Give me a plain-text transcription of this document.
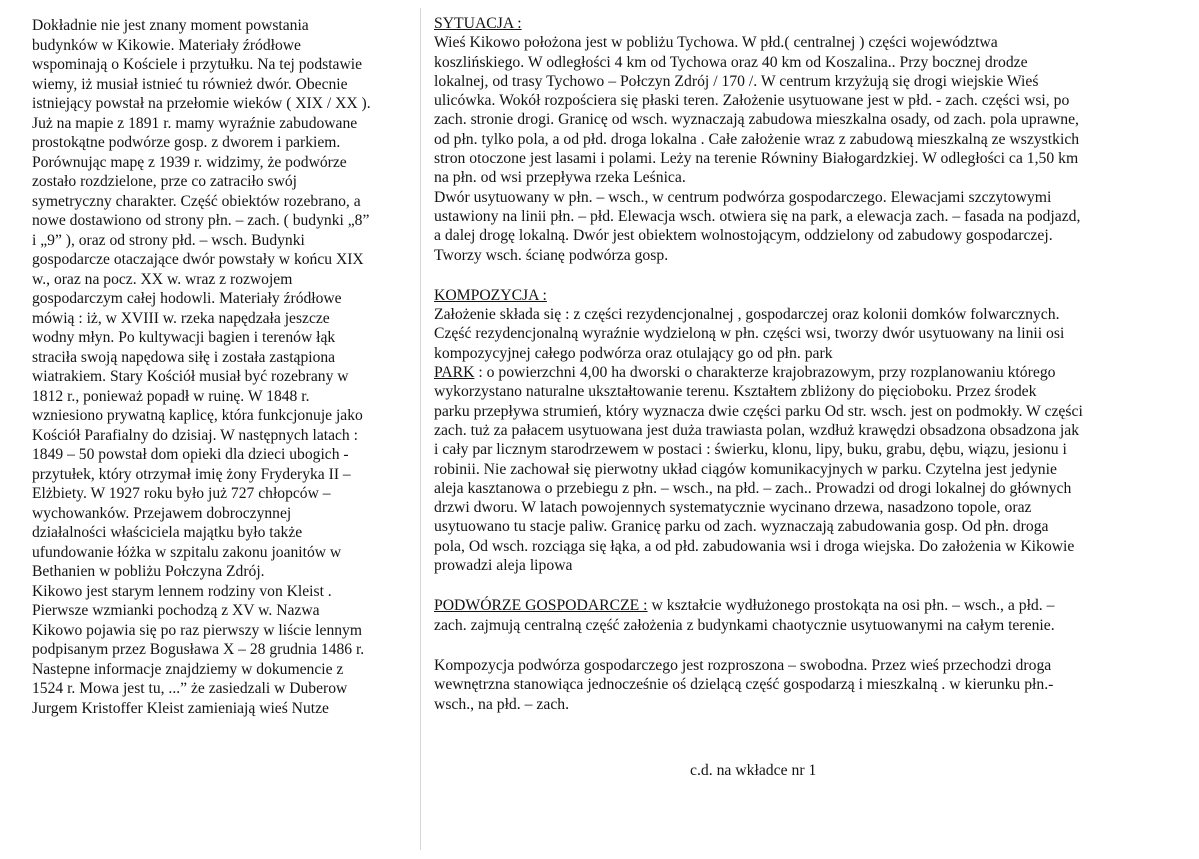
Dokładnie nie jest znany moment powstania
budynków w Kikowie. Materiały źródłowe
wspominają o Kościele i przytułku. Na tej podstawie
wiemy, iż musiał istnieć tu również dwór. Obecnie
istniejący powstał na przełomie wieków ( XIX / XX ).
Już na mapie z 1891 r. mamy wyraźnie zabudowane
prostokątne podwórze gosp. z dworem i parkiem.
Porównując mapę z 1939 r. widzimy, że podwórze
zostało rozdzielone, prze co zatraciło swój
symetryczny charakter. Część obiektów rozebrano, a
nowe dostawiono od strony płn. – zach. ( budynki „8”
i „9” ), oraz od strony płd. – wsch. Budynki
gospodarcze otaczające dwór powstały w końcu XIX
w., oraz na pocz. XX w. wraz z rozwojem
gospodarczym całej hodowli. Materiały źródłowe
mówią : iż, w XVIII w. rzeka napędzała jeszcze
wodny młyn. Po kultywacji bagien i terenów łąk
straciła swoją napędowa siłę i została zastąpiona
wiatrakiem. Stary Kościół musiał być rozebrany w
1812 r., ponieważ popadł w ruinę. W 1848 r.
wzniesiono prywatną kaplicę, która funkcjonuje jako
Kościół Parafialny do dzisiaj. W następnych latach :
1849 – 50 powstał dom opieki dla dzieci ubogich -
przytułek, który otrzymał imię żony Fryderyka II –
Elżbiety. W 1927 roku było już 727 chłopców –
wychowanków. Przejawem dobroczynnej
działalności właściciela majątku było także
ufundowanie łóżka w szpitalu zakonu joanitów w
Bethanien w pobliżu Połczyna Zdrój.
Kikowo jest starym lennem rodziny von Kleist .
Pierwsze wzmianki pochodzą z XV w. Nazwa
Kikowo pojawia się po raz pierwszy w liście lennym
podpisanym przez Bogusława X – 28 grudnia 1486 r.
Nastepne informacje znajdziemy w dokumencie z
1524 r. Mowa jest tu, ...” że zasiedzali w Duberow
Jurgem Kristoffer Kleist zamieniają wieś Nutze
SYTUACJA :
Wieś Kikowo położona jest w pobliżu Tychowa. W płd.( centralnej ) części województwa
koszlińskiego. W odległości 4 km od Tychowa oraz 40 km od Koszalina.. Przy bocznej drodze
lokalnej, od trasy Tychowo – Połczyn Zdrój / 170 /. W centrum krzyżują się drogi wiejskie Wieś
ulicówka. Wokół rozpościera się płaski teren. Założenie usytuowane jest w płd. - zach. części wsi, po
zach. stronie drogi. Granicę od wsch. wyznaczają zabudowa mieszkalna osady, od zach. pola uprawne,
od płn. tylko pola, a od płd. droga lokalna . Całe założenie wraz z zabudową mieszkalną ze wszystkich
stron otoczone jest lasami i polami. Leży na terenie Równiny Białogardzkiej. W odległości ca 1,50 km
na płn. od wsi przepływa rzeka Leśnica.
Dwór usytuowany w płn. – wsch., w centrum podwórza gospodarczego. Elewacjami szczytowymi
ustawiony na linii płn. – płd. Elewacja wsch. otwiera się na park, a elewacja zach. – fasada na podjazd,
a dalej drogę lokalną. Dwór jest obiektem wolnostojącym, oddzielony od zabudowy gospodarczej.
Tworzy wsch. ścianę podwórza gosp.
KOMPOZYCJA :
Założenie składa się : z części rezydencjonalnej , gospodarczej oraz kolonii domków folwarcznych.
Część rezydencjonalną wyraźnie wydzieloną w płn. części wsi, tworzy dwór usytuowany na linii osi
kompozycyjnej całego podwórza oraz otulający go od płn. park
PARK : o powierzchni 4,00 ha dworski o charakterze krajobrazowym, przy rozplanowaniu którego
wykorzystano naturalne ukształtowanie terenu. Kształtem zbliżony do pięcioboku. Przez środek
parku przepływa strumień, który wyznacza dwie części parku Od str. wsch. jest on podmokły. W części
zach. tuż za pałacem usytuowana jest duża trawiasta polan, wzdłuż krawędzi obsadzona obsadzona jak
i cały par licznym starodrzewem w postaci : świerku, klonu, lipy, buku, grabu, dębu, wiązu, jesionu i
robinii. Nie zachował się pierwotny układ ciągów komunikacyjnych w parku. Czytelna jest jedynie
aleja kasztanowa o przebiegu z płn. – wsch., na płd. – zach.. Prowadzi od drogi lokalnej do głównych
drzwi dworu. W latach powojennych systematycznie wycinano drzewa, nasadzono topole, oraz
usytuowano tu stacje paliw. Granicę parku od zach. wyznaczają zabudowania gosp. Od płn. droga
pola, Od wsch. rozciąga się łąka, a od płd. zabudowania wsi i droga wiejska. Do założenia w Kikowie
prowadzi aleja lipowa
PODWÓRZE GOSPODARCZE : w kształcie wydłużonego prostokąta na osi płn. – wsch., a płd. –
zach. zajmują centralną część założenia z budynkami chaotycznie usytuowanymi na całym terenie.
Kompozycja podwórza gospodarczego jest rozproszona – swobodna. Przez wieś przechodzi droga
wewnętrzna stanowiąca jednocześnie oś dzielącą część gospodarzą i mieszkalną . w kierunku płn.-
wsch., na płd. – zach.
c.d. na wkładce nr 1
